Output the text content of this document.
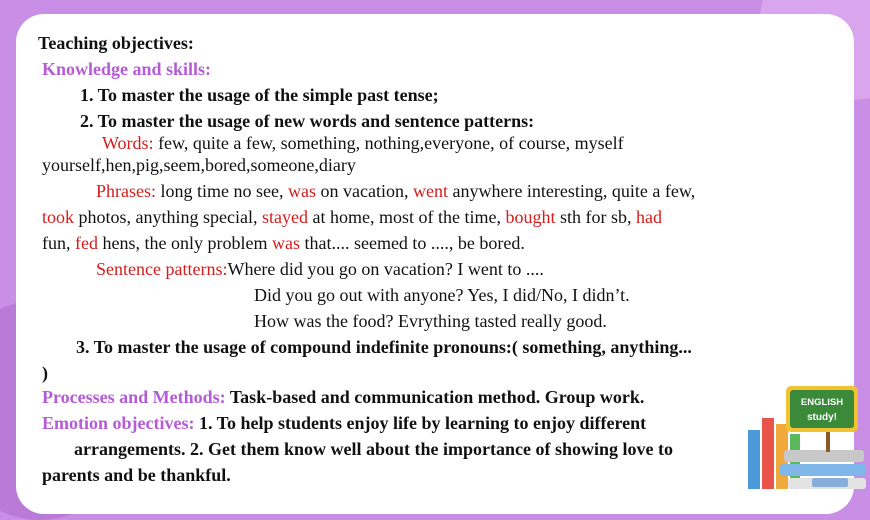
Teaching objectives:
Knowledge and skills:
1. To master the usage of the simple past tense;
2. To master the usage of new words and sentence patterns:
Words: few, quite a few, something, nothing,everyone, of course, myself
yourself,hen,pig,seem,bored,someone,diary
Phrases: long time no see, was on vacation, went anywhere interesting, quite a few,
took photos, anything special, stayed at home, most of the time, bought sth for sb, had
fun, fed hens, the only problem was that.... seemed to ...., be bored.
Sentence patterns:Where did you go on vacation? I went to ....
Did you go out with anyone? Yes, I did/No, I didn’t.
How was the food? Evrything tasted really good.
3. To master the usage of compound indefinite pronouns:( something, anything...
)
Processes and Methods: Task-based and communication method. Group work.
Emotion objectives: 1. To help students enjoy life by learning to enjoy different
arrangements. 2. Get them know well about the importance of showing love to
parents and be thankful.
ENGLISH
study!
